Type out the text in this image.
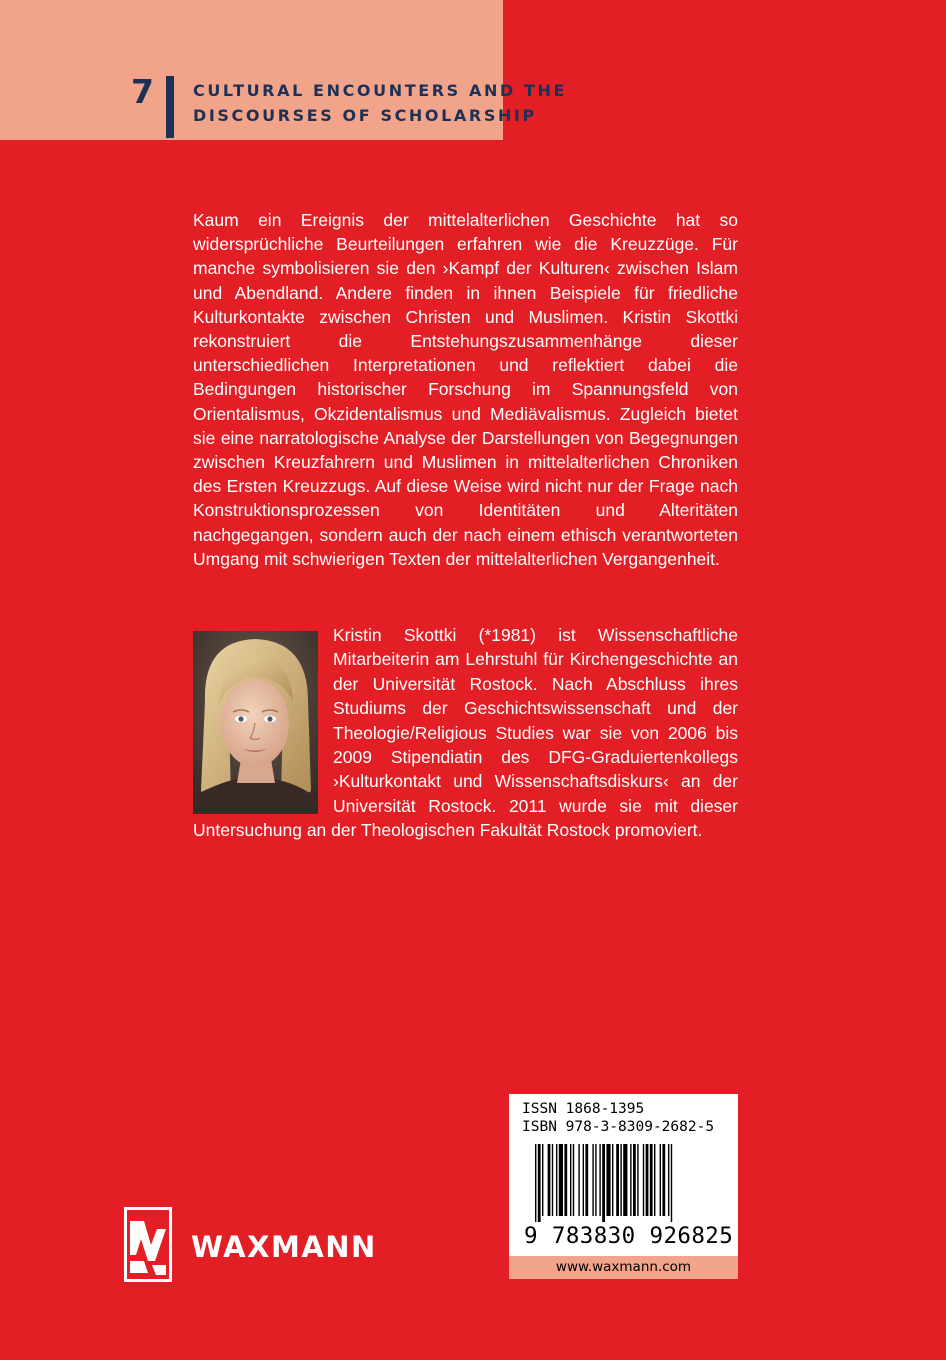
7 CULTURAL ENCOUNTERS AND THE
DISCOURSES OF SCHOLARSHIP

Kaum ein Ereignis der mittelalterlichen Geschichte hat so widersprüchliche Beurteilungen erfahren wie die Kreuzzüge. Für manche symbolisieren sie den ›Kampf der Kulturen‹ zwischen Islam und Abendland. Andere finden in ihnen Beispiele für friedliche Kulturkontakte zwischen Christen und Muslimen. Kristin Skottki rekonstruiert die Entstehungszusammenhänge dieser unterschiedlichen Interpretationen und reflektiert dabei die Bedingungen historischer Forschung im Spannungsfeld von Orientalismus, Okzidentalismus und Mediävalismus. Zugleich bietet sie eine narratologische Analyse der Darstellungen von Begegnungen zwischen Kreuzfahrern und Muslimen in mittelalterlichen Chroniken des Ersten Kreuzzugs. Auf diese Weise wird nicht nur der Frage nach Konstruktionsprozessen von Identitäten und Alteritäten nachgegangen, sondern auch der nach einem ethisch verantworteten Umgang mit schwierigen Texten der mittelalterlichen Vergangenheit.

Kristin Skottki (*1981) ist Wissenschaftliche Mitarbeiterin am Lehrstuhl für Kirchengeschichte an der Universität Rostock. Nach Abschluss ihres Studiums der Geschichtswissenschaft und der Theologie/Religious Studies war sie von 2006 bis 2009 Stipendiatin des DFG-Graduiertenkollegs ›Kulturkontakt und Wissenschaftsdiskurs‹ an der Universität Rostock. 2011 wurde sie mit dieser Untersuchung an der Theologischen Fakultät Rostock promoviert.
ISSN 1868-1395
ISBN 978-3-8309-2682-5
9 783830 926825
www.waxmann.com
WAXMANN
